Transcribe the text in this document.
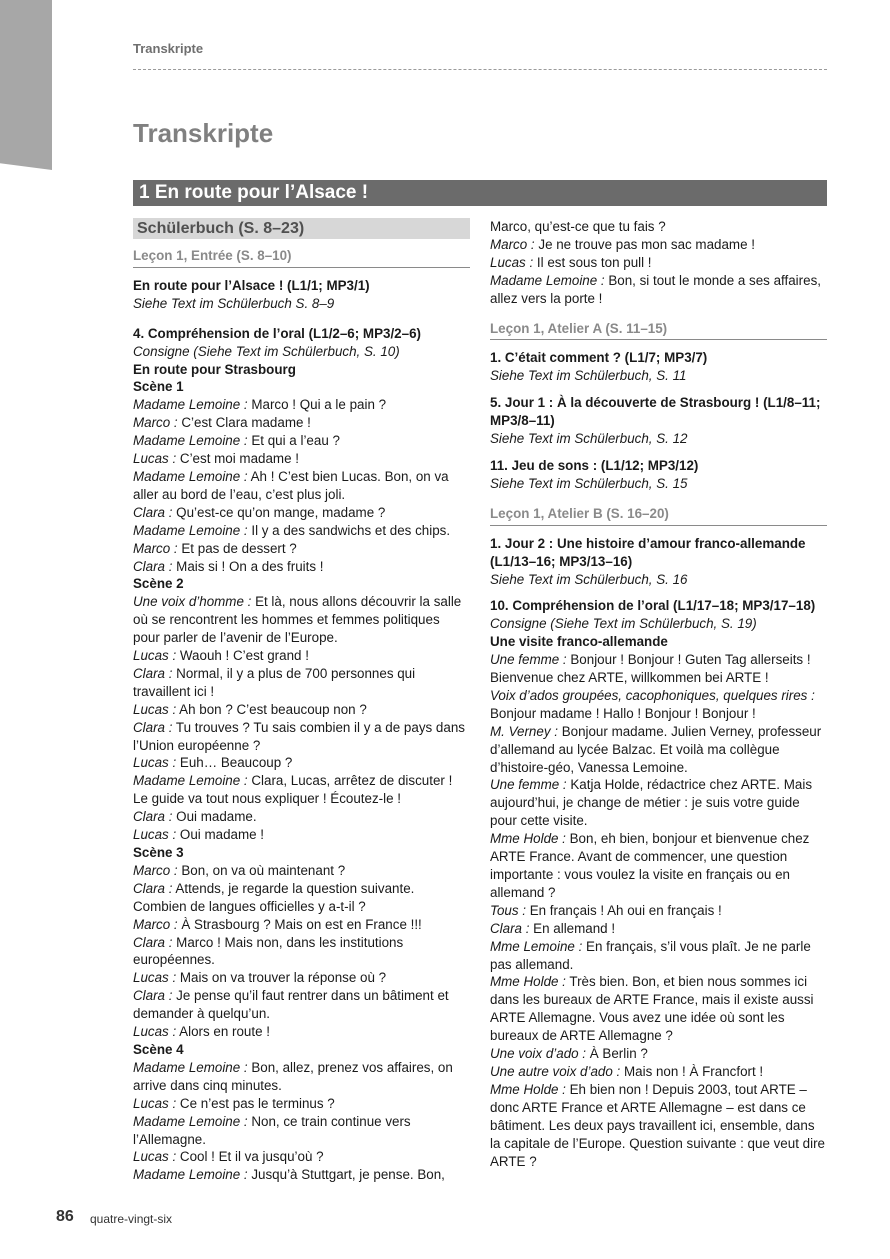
Transkripte
Transkripte
1 En route pour l’Alsace !
Schülerbuch (S. 8–23)
Leçon 1, Entrée (S. 8–10)

En route pour l’Alsace ! (L1/1; MP3/1)

Siehe Text im Schülerbuch S. 8–9

4. Compréhension de l’oral (L1/2–6; MP3/2–6)

Consigne (Siehe Text im Schülerbuch, S. 10)

En route pour Strasbourg

Scène 1

Madame Lemoine : Marco ! Qui a le pain ?

Marco : C’est Clara madame !

Madame Lemoine : Et qui a l’eau ?

Lucas : C’est moi madame !

Madame Lemoine : Ah ! C’est bien Lucas. Bon, on va aller au bord de l’eau, c’est plus joli.

Clara : Qu’est-ce qu’on mange, madame ?

Madame Lemoine : Il y a des sandwichs et des chips.

Marco : Et pas de dessert ?

Clara : Mais si ! On a des fruits !

Scène 2

Une voix d’homme : Et là, nous allons découvrir la salle où se rencontrent les hommes et femmes politiques pour parler de l’avenir de l’Europe.

Lucas : Waouh ! C’est grand !

Clara : Normal, il y a plus de 700 personnes qui travaillent ici !

Lucas : Ah bon ? C’est beaucoup non ?

Clara : Tu trouves ? Tu sais combien il y a de pays dans l’Union européenne ?

Lucas : Euh… Beaucoup ?

Madame Lemoine : Clara, Lucas, arrêtez de discuter ! Le guide va tout nous expliquer ! Écoutez-le !

Clara : Oui madame.

Lucas : Oui madame !

Scène 3

Marco : Bon, on va où maintenant ?

Clara : Attends, je regarde la question suivante. Combien de langues officielles y a-t-il ?

Marco : À Strasbourg ? Mais on est en France !!!

Clara : Marco ! Mais non, dans les institutions européennes.

Lucas : Mais on va trouver la réponse où ?

Clara : Je pense qu’il faut rentrer dans un bâtiment et demander à quelqu’un.

Lucas : Alors en route !

Scène 4

Madame Lemoine : Bon, allez, prenez vos affaires, on arrive dans cinq minutes.

Lucas : Ce n’est pas le terminus ?

Madame Lemoine : Non, ce train continue vers l’Allemagne.

Lucas : Cool ! Et il va jusqu’où ?

Madame Lemoine : Jusqu’à Stuttgart, je pense. Bon,

Marco, qu’est-ce que tu fais ?

Marco : Je ne trouve pas mon sac madame !

Lucas : Il est sous ton pull !

Madame Lemoine : Bon, si tout le monde a ses affaires, allez vers la porte !

Leçon 1, Atelier A (S. 11–15)

1. C’était comment ? (L1/7; MP3/7)

Siehe Text im Schülerbuch, S. 11

5. Jour 1 : À la découverte de Strasbourg ! (L1/8–11; MP3/8–11)

Siehe Text im Schülerbuch, S. 12

11. Jeu de sons : (L1/12; MP3/12)

Siehe Text im Schülerbuch, S. 15

Leçon 1, Atelier B (S. 16–20)

1. Jour 2 : Une histoire d’amour franco-allemande (L1/13–16; MP3/13–16)

Siehe Text im Schülerbuch, S. 16

10. Compréhension de l’oral (L1/17–18; MP3/17–18)

Consigne (Siehe Text im Schülerbuch, S. 19)

Une visite franco-allemande

Une femme : Bonjour ! Bonjour ! Guten Tag allerseits ! Bienvenue chez ARTE, willkommen bei ARTE !

Voix d’ados groupées, cacophoniques, quelques rires : Bonjour madame ! Hallo ! Bonjour ! Bonjour !

M. Verney : Bonjour madame. Julien Verney, professeur d’allemand au lycée Balzac. Et voilà ma collègue d’histoire-géo, Vanessa Lemoine.

Une femme : Katja Holde, rédactrice chez ARTE. Mais aujourd’hui, je change de métier : je suis votre guide pour cette visite.

Mme Holde : Bon, eh bien, bonjour et bienvenue chez ARTE France. Avant de commencer, une question importante : vous voulez la visite en français ou en allemand ?

Tous : En français ! Ah oui en français !

Clara : En allemand !

Mme Lemoine : En français, s’il vous plaît. Je ne parle pas allemand.

Mme Holde : Très bien. Bon, et bien nous sommes ici dans les bureaux de ARTE France, mais il existe aussi ARTE Allemagne. Vous avez une idée où sont les bureaux de ARTE Allemagne ?

Une voix d’ado : À Berlin ?

Une autre voix d’ado : Mais non ! À Francfort !

Mme Holde : Eh bien non ! Depuis 2003, tout ARTE – donc ARTE France et ARTE Allemagne – est dans ce bâtiment. Les deux pays travaillent ici, ensemble, dans la capitale de l’Europe. Question suivante : que veut dire ARTE ?

86 quatre-vingt-six
